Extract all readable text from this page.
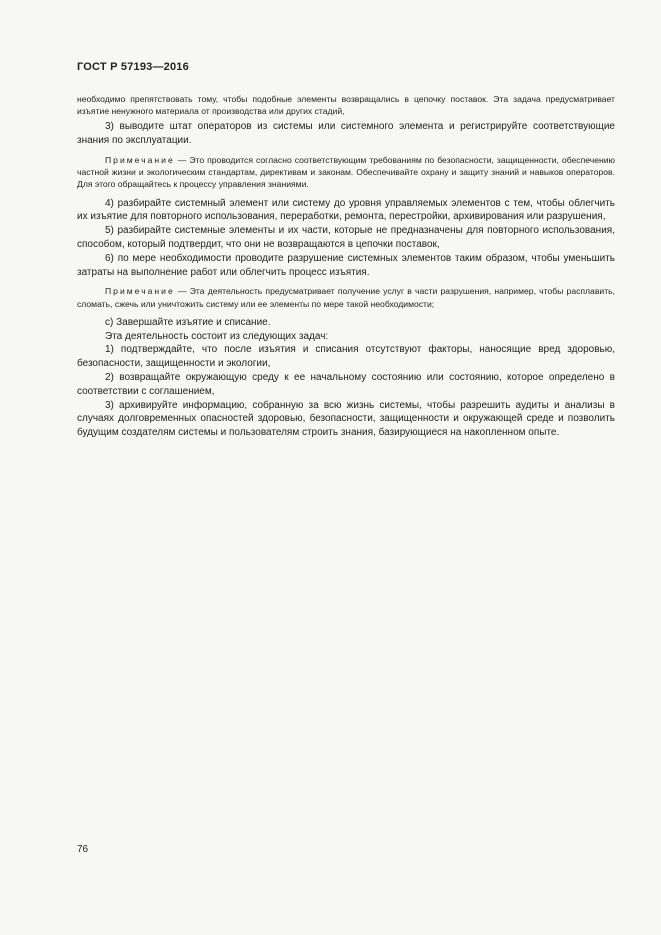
ГОСТ Р 57193—2016

необходимо препятствовать тому, чтобы подобные элементы возвращались в цепочку поставок. Эта задача предусматривает изъятие ненужного материала от производства или других стадий,

3) выводите штат операторов из системы или системного элемента и регистрируйте соответствующие знания по эксплуатации.

Примечание — Это проводится согласно соответствующим требованиям по безопасности, защищенности, обеспечению частной жизни и экологическим стандартам, директивам и законам. Обеспечивайте охрану и защиту знаний и навыков операторов. Для этого обращайтесь к процессу управления знаниями.

4) разбирайте системный элемент или систему до уровня управляемых элементов с тем, чтобы облегчить их изъятие для повторного использования, переработки, ремонта, перестройки, архивирования или разрушения,

5) разбирайте системные элементы и их части, которые не предназначены для повторного использования, способом, который подтвердит, что они не возвращаются в цепочки поставок,

6) по мере необходимости проводите разрушение системных элементов таким образом, чтобы уменьшить затраты на выполнение работ или облегчить процесс изъятия.

Примечание — Эта деятельность предусматривает получение услуг в части разрушения, например, чтобы расплавить, сломать, сжечь или уничтожить систему или ее элементы по мере такой необходимости;

с) Завершайте изъятие и списание.

Эта деятельность состоит из следующих задач:

1) подтверждайте, что после изъятия и списания отсутствуют факторы, наносящие вред здоровью, безопасности, защищенности и экологии,

2) возвращайте окружающую среду к ее начальному состоянию или состоянию, которое определено в соответствии с соглашением,

3) архивируйте информацию, собранную за всю жизнь системы, чтобы разрешить аудиты и анализы в случаях долговременных опасностей здоровью, безопасности, защищенности и окружающей среде и позволить будущим создателям системы и пользователям строить знания, базирующиеся на накопленном опыте.

76
